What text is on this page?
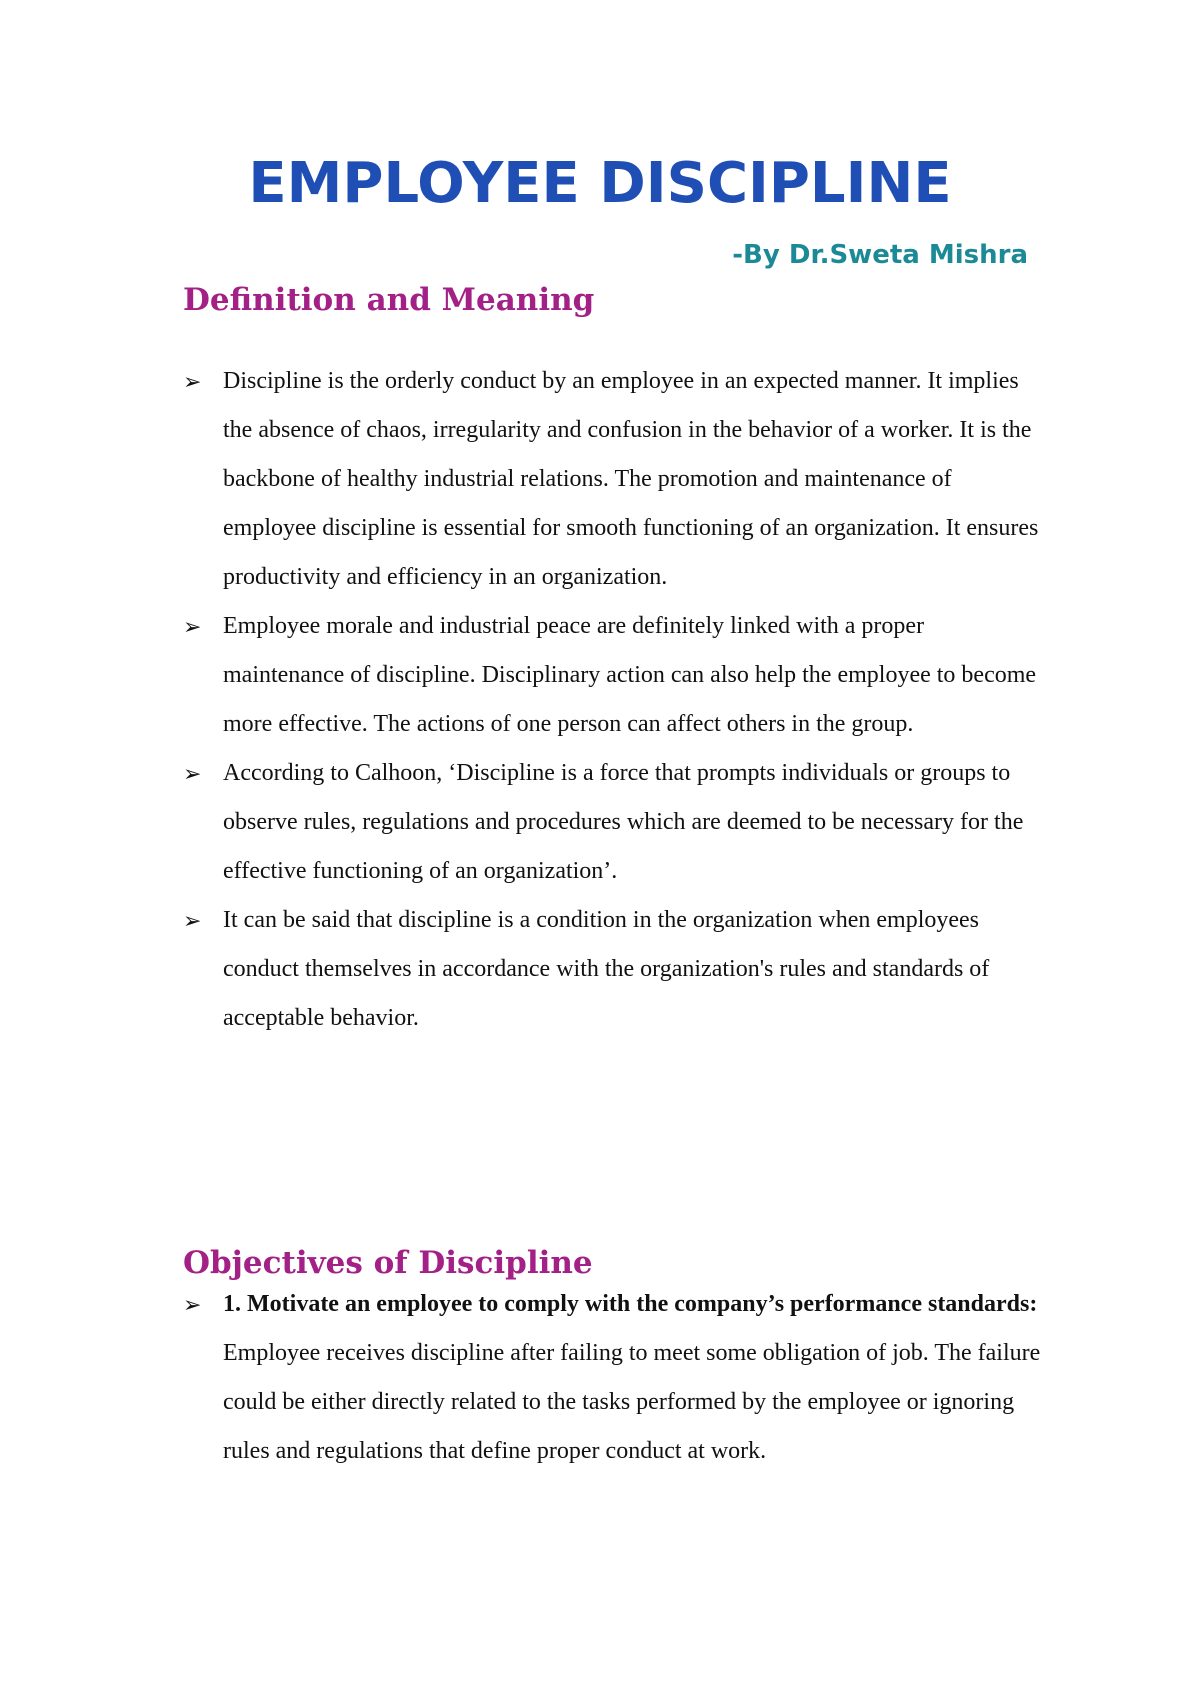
EMPLOYEE DISCIPLINE
-By Dr.Sweta Mishra
Definition and Meaning
➢ Discipline is the orderly conduct by an employee in an expected manner. It implies the absence of chaos, irregularity and confusion in the behavior of a worker. It is the backbone of healthy industrial relations. The promotion and maintenance of employee discipline is essential for smooth functioning of an organization. It ensures productivity and efficiency in an organization.
➢ Employee morale and industrial peace are definitely linked with a proper maintenance of discipline. Disciplinary action can also help the employee to become more effective. The actions of one person can affect others in the group.
➢ According to Calhoon, ‘Discipline is a force that prompts individuals or groups to observe rules, regulations and procedures which are deemed to be necessary for the effective functioning of an organization’.
➢ It can be said that discipline is a condition in the organization when employees conduct themselves in accordance with the organization's rules and standards of acceptable behavior.
Objectives of Discipline
➢ 1. Motivate an employee to comply with the company’s performance standards: Employee receives discipline after failing to meet some obligation of job. The failure could be either directly related to the tasks performed by the employee or ignoring rules and regulations that define proper conduct at work.
